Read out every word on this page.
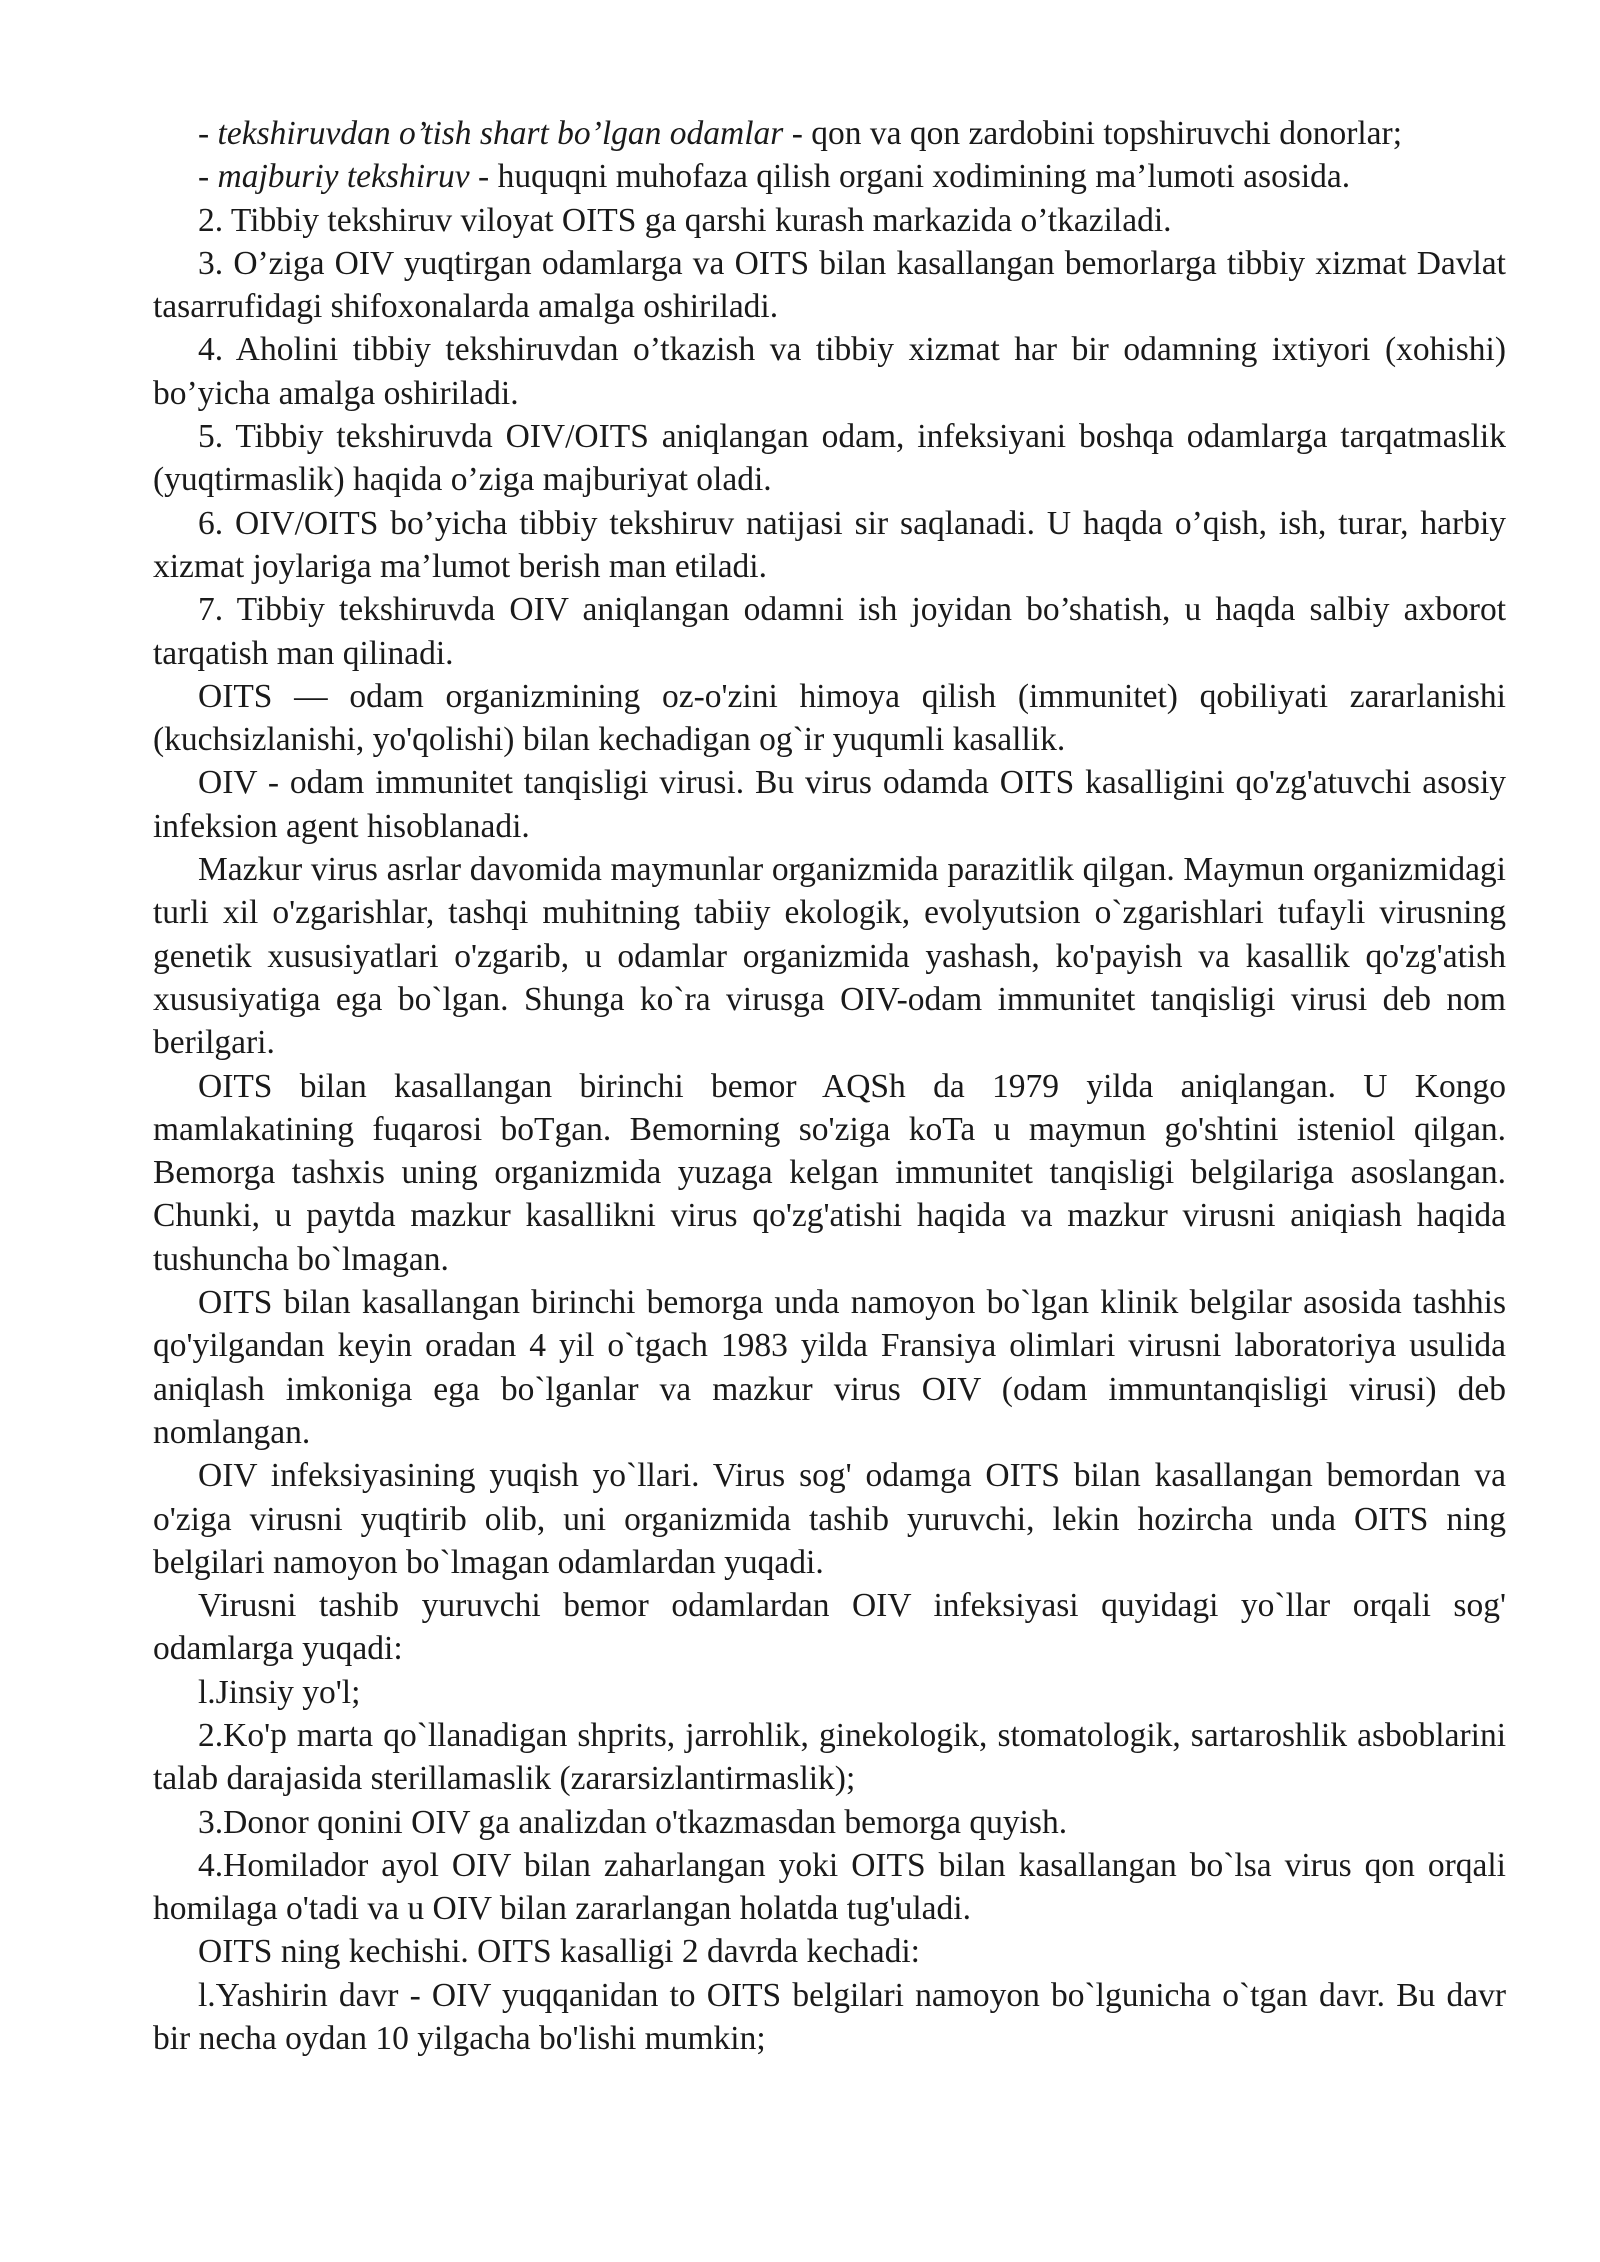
- tekshiruvdan o’tish shart bo’lgan odamlar - qon va qon zardobini topshiruvchi donorlar;

- majburiy tekshiruv - huquqni muhofaza qilish organi xodimining ma’lumoti asosida.

2. Tibbiy tekshiruv viloyat OITS ga qarshi kurash markazida o’tkaziladi.

3. O’ziga OIV yuqtirgan odamlarga va OITS bilan kasallangan bemorlarga tibbiy xizmat Davlat tasarrufidagi shifoxonalarda amalga oshiriladi.

4. Aholini tibbiy tekshiruvdan o’tkazish va tibbiy xizmat har bir odamning ixtiyori (xohishi) bo’yicha amalga oshiriladi.

5. Tibbiy tekshiruvda OIV/OITS aniqlangan odam, infeksiyani boshqa odamlarga tarqatmaslik (yuqtirmaslik) haqida o’ziga majburiyat oladi.

6. OIV/OITS bo’yicha tibbiy tekshiruv natijasi sir saqlanadi. U haqda o’qish, ish, turar, harbiy xizmat joylariga ma’lumot berish man etiladi.

7. Tibbiy tekshiruvda OIV aniqlangan odamni ish joyidan bo’shatish, u haqda salbiy axborot tarqatish man qilinadi.

OITS — odam organizmining oz-o'zini himoya qilish (immunitet) qobiliyati zararlanishi (kuchsizlanishi, yo'qolishi) bilan kechadigan og`ir yuqumli kasallik.

OIV - odam immunitet tanqisligi virusi. Bu virus odamda OITS kasalligini qo'zg'atuvchi asosiy infeksion agent hisoblanadi.

Mazkur virus asrlar davomida maymunlar organizmida parazitlik qilgan. Maymun organizmidagi turli xil o'zgarishlar, tashqi muhitning tabiiy ekologik, evolyutsion o`zgarishlari tufayli virusning genetik xususiyatlari o'zgarib, u odamlar organizmida yashash, ko'payish va kasallik qo'zg'atish xususiyatiga ega bo`lgan. Shunga ko`ra virusga OIV-odam immunitet tanqisligi virusi deb nom berilgari.

OITS bilan kasallangan birinchi bemor AQSh da 1979 yilda aniqlangan. U Kongo mamlakatining fuqarosi boTgan. Bemorning so'ziga koTa u maymun go'shtini isteniol qilgan. Bemorga tashxis uning organizmida yuzaga kelgan immunitet tanqisligi belgilariga asoslangan. Chunki, u paytda mazkur kasallikni virus qo'zg'atishi haqida va mazkur virusni aniqiash haqida tushuncha bo`lmagan.

OITS bilan kasallangan birinchi bemorga unda namoyon bo`lgan klinik belgilar asosida tashhis qo'yilgandan keyin oradan 4 yil o`tgach 1983 yilda Fransiya olimlari virusni laboratoriya usulida aniqlash imkoniga ega bo`lganlar va mazkur virus OIV (odam immuntanqisligi virusi) deb nomlangan.

OIV infeksiyasining yuqish yo`llari. Virus sog' odamga OITS bilan kasallangan bemordan va o'ziga virusni yuqtirib olib, uni organizmida tashib yuruvchi, lekin hozircha unda OITS ning belgilari namoyon bo`lmagan odamlardan yuqadi.

Virusni tashib yuruvchi bemor odamlardan OIV infeksiyasi quyidagi yo`llar orqali sog' odamlarga yuqadi:

l.Jinsiy yo'l;

2.Ko'p marta qo`llanadigan shprits, jarrohlik, ginekologik, stomatologik, sartaroshlik asboblarini talab darajasida sterillamaslik (zararsizlantirmaslik);

3.Donor qonini OIV ga analizdan o'tkazmasdan bemorga quyish.

4.Homilador ayol OIV bilan zaharlangan yoki OITS bilan kasallangan bo`lsa virus qon orqali homilaga o'tadi va u OIV bilan zararlangan holatda tug'uladi.

OITS ning kechishi. OITS kasalligi 2 davrda kechadi:

l.Yashirin davr - OIV yuqqanidan to OITS belgilari namoyon bo`lgunicha o`tgan davr. Bu davr bir necha oydan 10 yilgacha bo'lishi mumkin;
